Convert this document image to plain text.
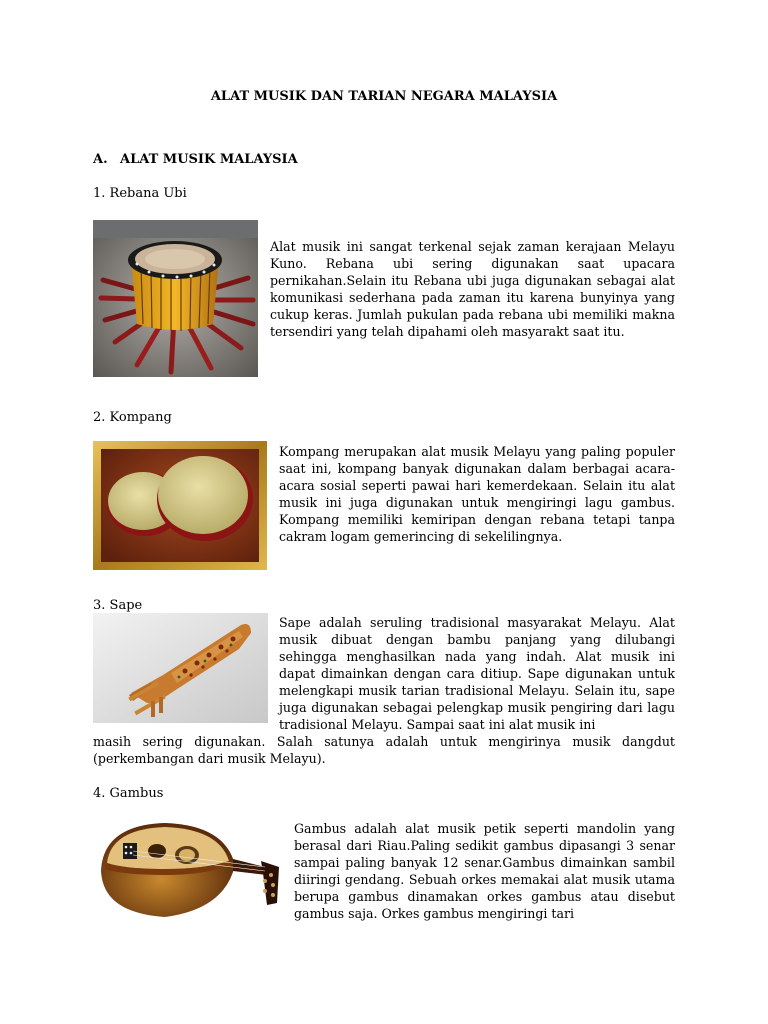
ALAT MUSIK DAN TARIAN NEGARA MALAYSIA
A. ALAT MUSIK MALAYSIA
1. Rebana Ubi
Alat musik ini sangat terkenal sejak zaman kerajaan Melayu Kuno. Rebana ubi sering digunakan saat upacara pernikahan.Selain itu Rebana ubi juga digunakan sebagai alat komunikasi sederhana pada zaman itu karena bunyinya yang cukup keras. Jumlah pukulan pada rebana ubi memiliki makna tersendiri yang telah dipahami oleh masyarakt saat itu.
2. Kompang
Kompang merupakan alat musik Melayu yang paling populer saat ini, kompang banyak digunakan dalam berbagai acara-acara sosial seperti pawai hari kemerdekaan. Selain itu alat musik ini juga digunakan untuk mengiringi lagu gambus. Kompang memiliki kemiripan dengan rebana tetapi tanpa cakram logam gemerincing di sekelilingnya.
3. Sape
Sape adalah seruling tradisional masyarakat Melayu. Alat musik dibuat dengan bambu panjang yang dilubangi sehingga menghasilkan nada yang indah. Alat musik ini dapat dimainkan dengan cara ditiup. Sape digunakan untuk melengkapi musik tarian tradisional Melayu. Selain itu, sape juga digunakan sebagai pelengkap musik pengiring dari lagu tradisional Melayu. Sampai saat ini alat musik ini
masih sering digunakan. Salah satunya adalah untuk mengirinya musik dangdut (perkembangan dari musik Melayu).
4. Gambus
Gambus adalah alat musik petik seperti mandolin yang berasal dari Riau.Paling sedikit gambus dipasangi 3 senar sampai paling banyak 12 senar.Gambus dimainkan sambil diiringi gendang. Sebuah orkes memakai alat musik utama berupa gambus dinamakan orkes gambus atau disebut gambus saja. Orkes gambus mengiringi tari
